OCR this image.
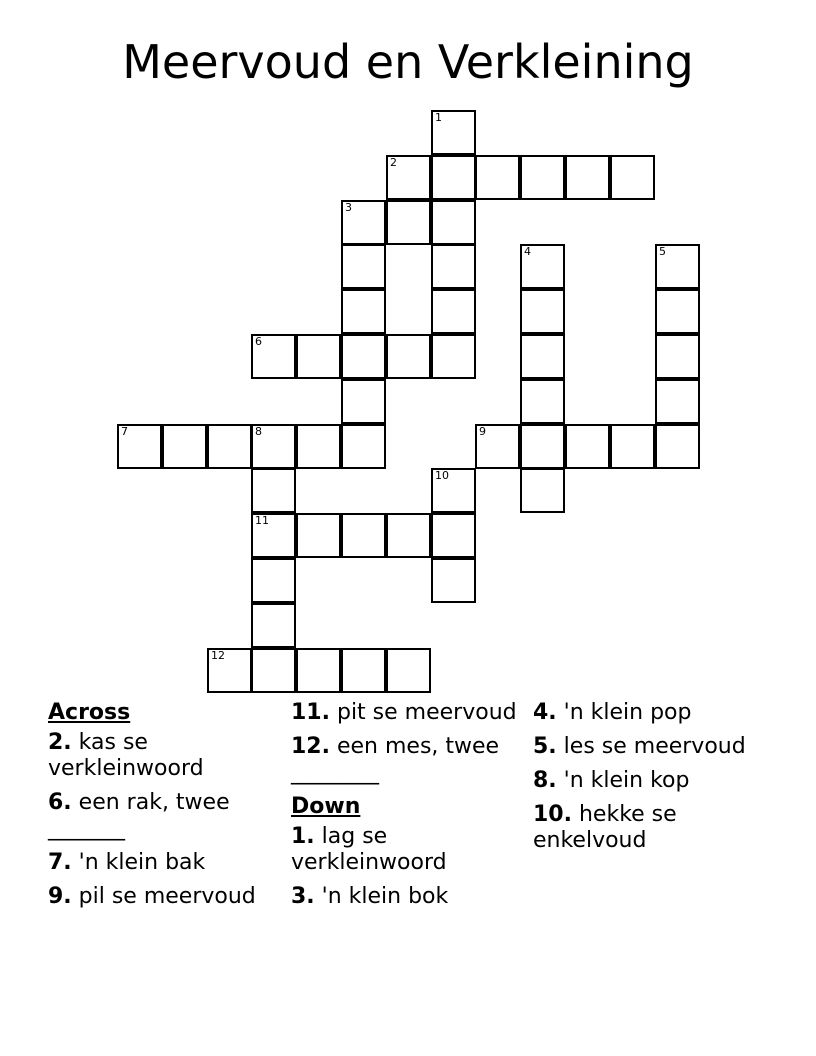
Meervoud en Verkleining
1
2
3
4	5
6
7	8	9
10
11
12
Across
2. kas se verkleinwoord
6. een rak, twee _______
7. 'n klein bak
9. pil se meervoud
11. pit se meervoud
12. een mes, twee ________
Down
1. lag se verkleinwoord
3. 'n klein bok
4. 'n klein pop
5. les se meervoud
8. 'n klein kop
10. hekke se enkelvoud
